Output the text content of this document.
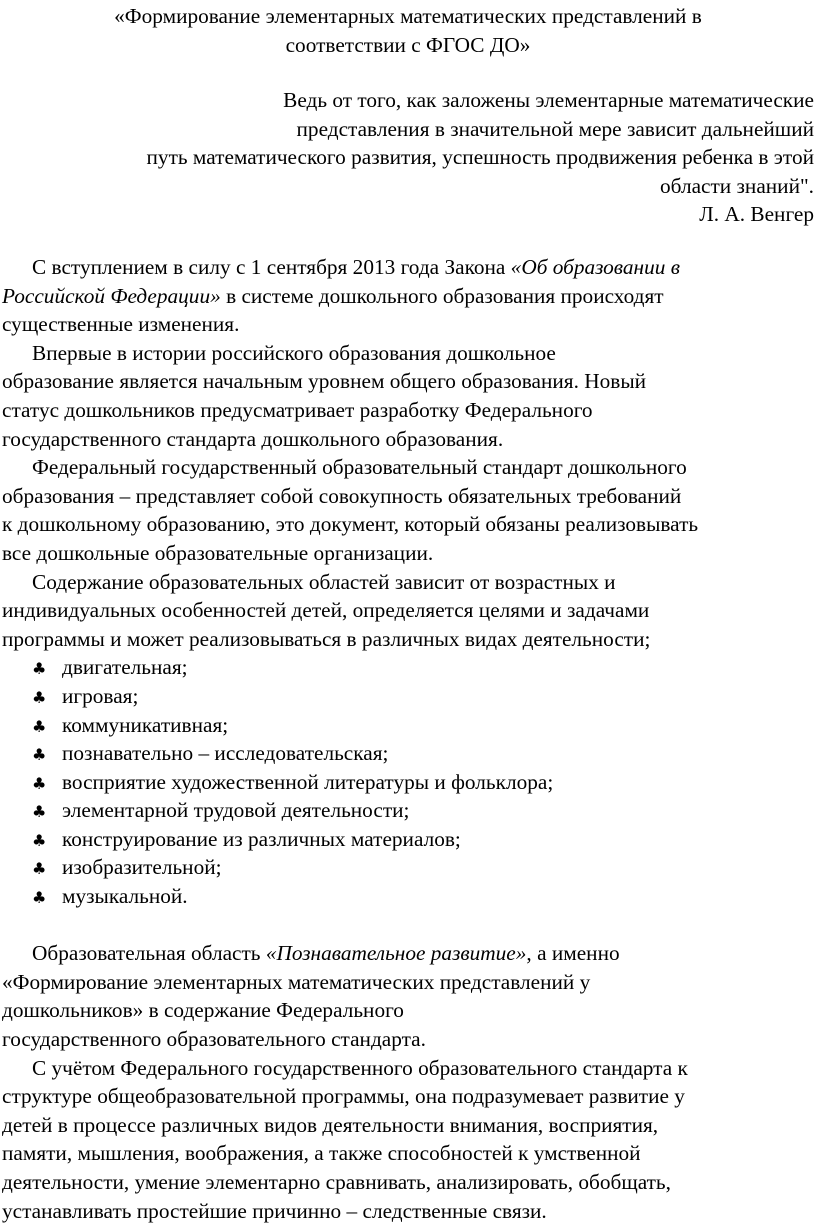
«Формирование элементарных математических представлений в
соответствии с ФГОС ДО»
Ведь от того, как заложены элементарные математические
представления в значительной мере зависит дальнейший
путь математического развития, успешность продвижения ребенка в этой
области знаний".
Л. А. Венгер
С вступлением в силу с 1 сентября 2013 года Закона «Об образовании в
Российской Федерации» в системе дошкольного образования происходят
существенные изменения.
Впервые в истории российского образования дошкольное
образование является начальным уровнем общего образования. Новый
статус дошкольников предусматривает разработку Федерального
государственного стандарта дошкольного образования.
Федеральный государственный образовательный стандарт дошкольного
образования – представляет собой совокупность обязательных требований
к дошкольному образованию, это документ, который обязаны реализовывать
все дошкольные образовательные организации.
Содержание образовательных областей зависит от возрастных и
индивидуальных особенностей детей, определяется целями и задачами
программы и может реализовываться в различных видах деятельности;
♣ двигательная;
♣ игровая;
♣ коммуникативная;
♣ познавательно – исследовательская;
♣ восприятие художественной литературы и фольклора;
♣ элементарной трудовой деятельности;
♣ конструирование из различных материалов;
♣ изобразительной;
♣ музыкальной.
Образовательная область «Познавательное развитие», а именно
«Формирование элементарных математических представлений у
дошкольников» в содержание Федерального
государственного образовательного стандарта.
С учётом Федерального государственного образовательного стандарта к
структуре общеобразовательной программы, она подразумевает развитие у
детей в процессе различных видов деятельности внимания, восприятия,
памяти, мышления, воображения, а также способностей к умственной
деятельности, умение элементарно сравнивать, анализировать, обобщать,
устанавливать простейшие причинно – следственные связи.
